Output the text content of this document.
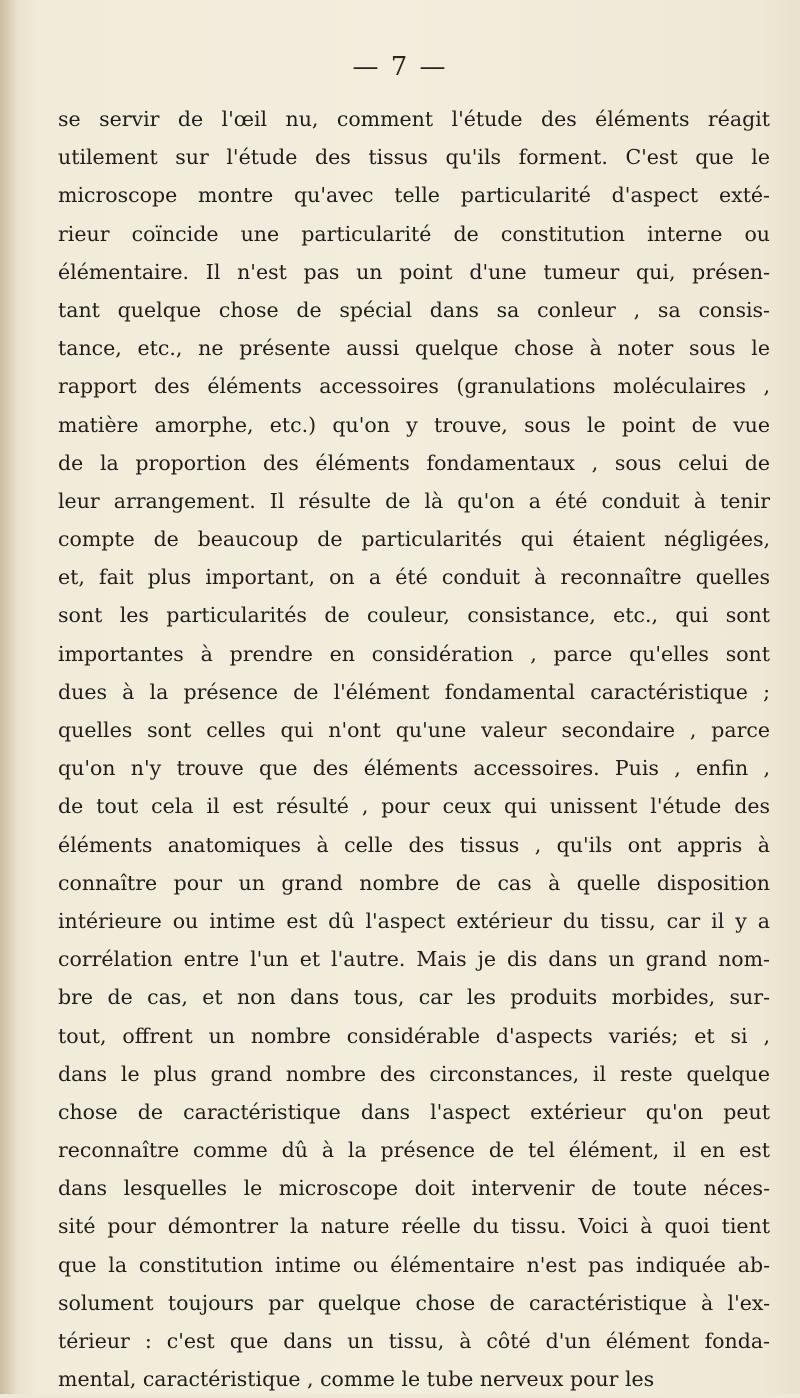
— 7 —
se servir de l'œil nu, comment l'étude des éléments réagit
utilement sur l'étude des tissus qu'ils forment. C'est que le
microscope montre qu'avec telle particularité d'aspect exté-
rieur coïncide une particularité de constitution interne ou
élémentaire. Il n'est pas un point d'une tumeur qui, présen-
tant quelque chose de spécial dans sa conleur , sa consis-
tance, etc., ne présente aussi quelque chose à noter sous le
rapport des éléments accessoires (granulations moléculaires ,
matière amorphe, etc.) qu'on y trouve, sous le point de vue
de la proportion des éléments fondamentaux , sous celui de
leur arrangement. Il résulte de là qu'on a été conduit à tenir
compte de beaucoup de particularités qui étaient négligées,
et, fait plus important, on a été conduit à reconnaître quelles
sont les particularités de couleur, consistance, etc., qui sont
importantes à prendre en considération , parce qu'elles sont
dues à la présence de l'élément fondamental caractéristique ;
quelles sont celles qui n'ont qu'une valeur secondaire , parce
qu'on n'y trouve que des éléments accessoires. Puis , enfin ,
de tout cela il est résulté , pour ceux qui unissent l'étude des
éléments anatomiques à celle des tissus , qu'ils ont appris à
connaître pour un grand nombre de cas à quelle disposition
intérieure ou intime est dû l'aspect extérieur du tissu, car il y a
corrélation entre l'un et l'autre. Mais je dis dans un grand nom-
bre de cas, et non dans tous, car les produits morbides, sur-
tout, offrent un nombre considérable d'aspects variés; et si ,
dans le plus grand nombre des circonstances, il reste quelque
chose de caractéristique dans l'aspect extérieur qu'on peut
reconnaître comme dû à la présence de tel élément, il en est
dans lesquelles le microscope doit intervenir de toute néces-
sité pour démontrer la nature réelle du tissu. Voici à quoi tient
que la constitution intime ou élémentaire n'est pas indiquée ab-
solument toujours par quelque chose de caractéristique à l'ex-
térieur : c'est que dans un tissu, à côté d'un élément fonda-
mental, caractéristique , comme le tube nerveux pour les
